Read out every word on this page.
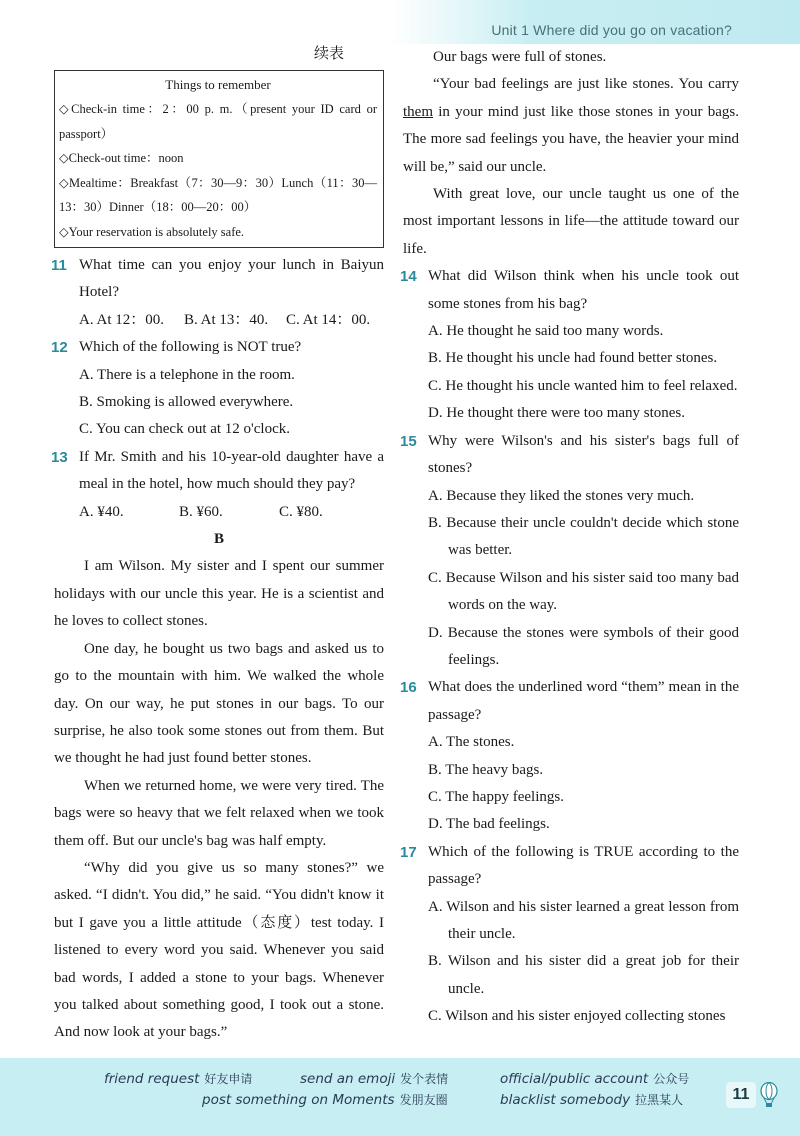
Unit 1 Where did you go on vacation?
续表
Things to remember
◇Check-in time：2：00 p. m.（present your ID card or passport）
◇Check-out time：noon
◇Mealtime：Breakfast（7：30—9：30）Lunch（11：30—13：30）Dinner（18：00—20：00）
◇Your reservation is absolutely safe.
11 What time can you enjoy your lunch in Baiyun Hotel?
A. At 12：00.	B. At 13：40.	C. At 14：00.
12 Which of the following is NOT true?
A. There is a telephone in the room.
B. Smoking is allowed everywhere.
C. You can check out at 12 o'clock.
13 If Mr. Smith and his 10-year-old daughter have a meal in the hotel, how much should they pay?
A. ¥40.	B. ¥60.	C. ¥80.
B
I am Wilson. My sister and I spent our summer holidays with our uncle this year. He is a scientist and he loves to collect stones.
One day, he bought us two bags and asked us to go to the mountain with him. We walked the whole day. On our way, he put stones in our bags. To our surprise, he also took some stones out from them. But we thought he had just found better stones.
When we returned home, we were very tired. The bags were so heavy that we felt relaxed when we took them off. But our uncle's bag was half empty.
“Why did you give us so many stones?” we asked. “I didn't. You did,” he said. “You didn't know it but I gave you a little attitude（态度）test today. I listened to every word you said. Whenever you said bad words, I added a stone to your bags. Whenever you talked about something good, I took out a stone. And now look at your bags.”
Our bags were full of stones.
“Your bad feelings are just like stones. You carry them in your mind just like those stones in your bags. The more sad feelings you have, the heavier your mind will be,” said our uncle.
With great love, our uncle taught us one of the most important lessons in life—the attitude toward our life.
14 What did Wilson think when his uncle took out some stones from his bag?
A. He thought he said too many words.
B. He thought his uncle had found better stones.
C. He thought his uncle wanted him to feel relaxed.
D. He thought there were too many stones.
15 Why were Wilson's and his sister's bags full of stones?
A. Because they liked the stones very much.
B. Because their uncle couldn't decide which stone was better.
C. Because Wilson and his sister said too many bad words on the way.
D. Because the stones were symbols of their good feelings.
16 What does the underlined word “them” mean in the passage?
A. The stones.
B. The heavy bags.
C. The happy feelings.
D. The bad feelings.
17 Which of the following is TRUE according to the passage?
A. Wilson and his sister learned a great lesson from their uncle.
B. Wilson and his sister did a great job for their uncle.
C. Wilson and his sister enjoyed collecting stones
friend request 好友申请	send an emoji 发个表情	official/public account 公众号
post something on Moments 发朋友圈	blacklist somebody 拉黑某人	11
